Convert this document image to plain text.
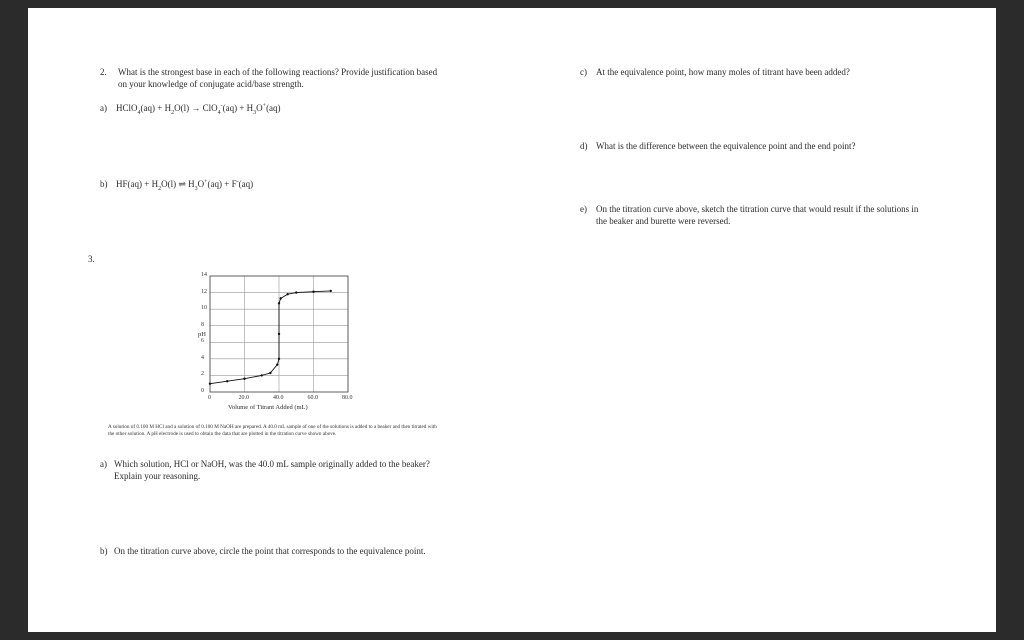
2. What is the strongest base in each of the following reactions? Provide justification based
on your knowledge of conjugate acid/base strength.
a) HClO$_4$(aq) + $H_2O(l) \to ClO_4^-(aq) + H_3O^+(aq)$
b) $HF(aq) + H_2O(l)$ ⇌ $H_3O^+(aq) + F^-(aq)$
3.
0
2
4
6
8
10
12
14
0	20.0	40.0	60.0	80.0
Volume of Titrant Added (mL)
pH
A solution of 0.100 M HCl and a solution of 0.100 M NaOH are prepared. A 40.0 mL sample of one of the solutions is added to a beaker and then titrated with the other solution. A pH electrode is used to obtain the data that are plotted in the titration curve shown above.
a) Which solution, HCl or NaOH, was the 40.0 mL sample originally added to the beaker?
Explain your reasoning.
b) On the titration curve above, circle the point that corresponds to the equivalence point.
c) At the equivalence point, how many moles of titrant have been added?
d) What is the difference between the equivalence point and the end point?
e) On the titration curve above, sketch the titration curve that would result if the solutions in
the beaker and burette were reversed.
